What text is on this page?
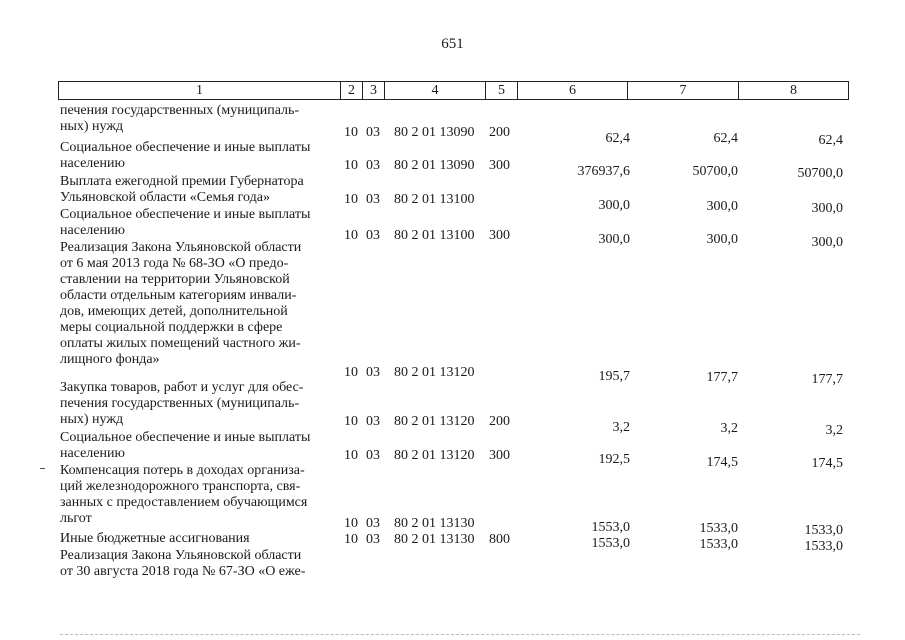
651
1	2	3	4	5	6	7	8
печения государственных (муниципаль-
ных) нужд	10 03 80 2 01 13090 200	62,4	62,4	62,4
Социальное обеспечение и иные выплаты
населению	10 03 80 2 01 13090 300	376937,6	50700,0	50700,0
Выплата ежегодной премии Губернатора
Ульяновской области «Семья года»	10 03 80 2 01 13100	300,0	300,0	300,0
Социальное обеспечение и иные выплаты
населению	10 03 80 2 01 13100 300	300,0	300,0	300,0
Реализация Закона Ульяновской области
от 6 мая 2013 года № 68-ЗО «О предо-
ставлении на территории Ульяновской
области отдельным категориям инвали-
дов, имеющих детей, дополнительной
меры социальной поддержки в сфере
оплаты жилых помещений частного жи-
лищного фонда»
10 03 80 2 01 13120	195,7	177,7	177,7
Закупка товаров, работ и услуг для обес-
печения государственных (муниципаль-
ных) нужд	10 03 80 2 01 13120 200	3,2	3,2	3,2
Социальное обеспечение и иные выплаты
населению	10 03 80 2 01 13120 300	192,5	174,5	174,5
Компенсация потерь в доходах организа-
ций железнодорожного транспорта, свя-
занных с предоставлением обучающимся
льгот	10 03 80 2 01 13130	1553,0	1533,0	1533,0
Иные бюджетные ассигнования	10 03 80 2 01 13130 800	1553,0	1533,0	1533,0
Реализация Закона Ульяновской области
от 30 августа 2018 года № 67-ЗО «О еже-
